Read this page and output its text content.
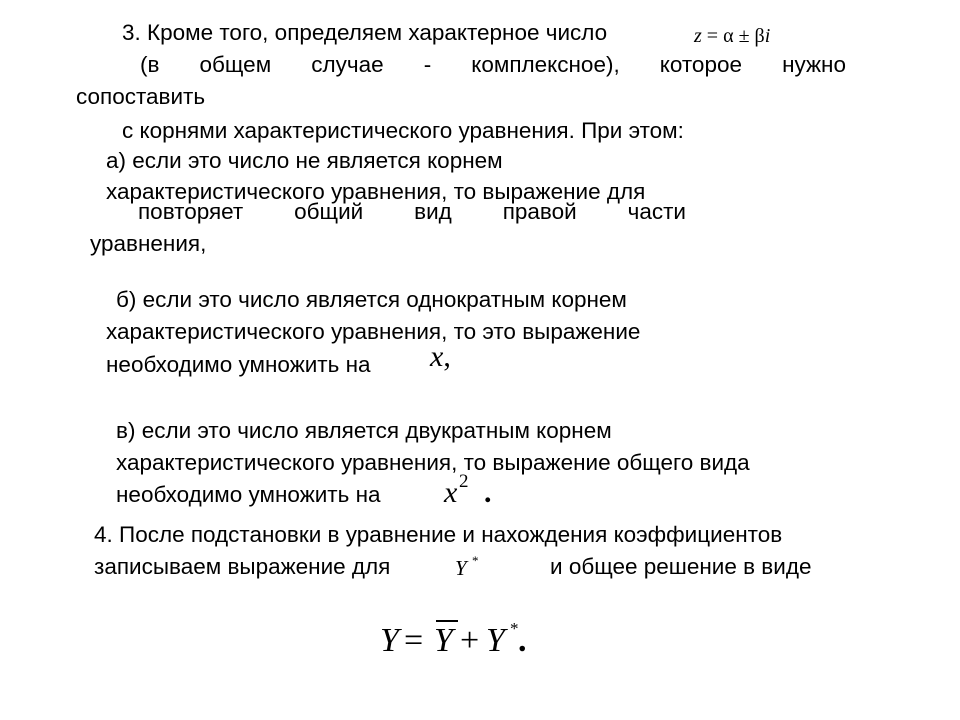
3. Кроме того, определяем характерное число	z = α ± βi
(в общем случае - комплексное), которое нужно
сопоставить
с корнями характеристического уравнения. При этом:
а) если это число не является корнем
характеристического уравнения, то выражение для
повторяет общий вид правой части
уравнения,
б) если это число является однократным корнем
характеристического уравнения, то это выражение
необходимо умножить на x,
в) если это число является двукратным корнем
характеристического уравнения, то выражение общего вида
необходимо умножить на x 2 .
4. После подстановки в уравнение и нахождения коэффициентов
записываем выражение для	Y *	и общее решение в виде
Y = Y + Y * .
